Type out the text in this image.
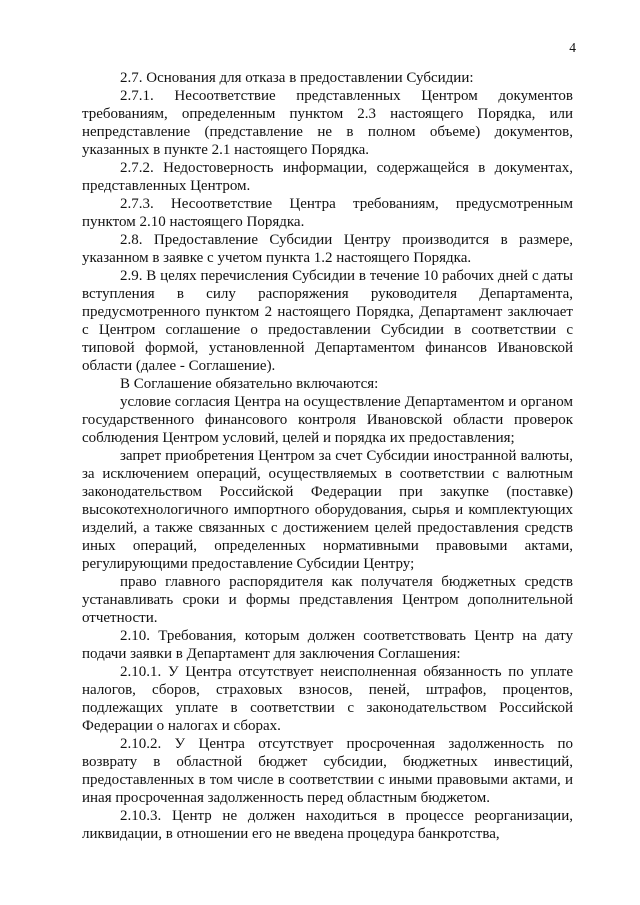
4

2.7. Основания для отказа в предоставлении Субсидии:

2.7.1. Несоответствие представленных Центром документов требованиям, определенным пунктом 2.3 настоящего Порядка, или непредставление (представление не в полном объеме) документов, указанных в пункте 2.1 настоящего Порядка.

2.7.2. Недостоверность информации, содержащейся в документах, представленных Центром.

2.7.3. Несоответствие Центра требованиям, предусмотренным пунктом 2.10 настоящего Порядка.

2.8. Предоставление Субсидии Центру производится в размере, указанном в заявке с учетом пункта 1.2 настоящего Порядка.

2.9. В целях перечисления Субсидии в течение 10 рабочих дней с даты вступления в силу распоряжения руководителя Департамента, предусмотренного пунктом 2 настоящего Порядка, Департамент заключает с Центром соглашение о предоставлении Субсидии в соответствии с типовой формой, установленной Департаментом финансов Ивановской области (далее - Соглашение).

В Соглашение обязательно включаются:

условие согласия Центра на осуществление Департаментом и органом государственного финансового контроля Ивановской области проверок соблюдения Центром условий, целей и порядка их предоставления;

запрет приобретения Центром за счет Субсидии иностранной валюты, за исключением операций, осуществляемых в соответствии с валютным законодательством Российской Федерации при закупке (поставке) высокотехнологичного импортного оборудования, сырья и комплектующих изделий, а также связанных с достижением целей предоставления средств иных операций, определенных нормативными правовыми актами, регулирующими предоставление Субсидии Центру;

право главного распорядителя как получателя бюджетных средств устанавливать сроки и формы представления Центром дополнительной отчетности.

2.10. Требования, которым должен соответствовать Центр на дату подачи заявки в Департамент для заключения Соглашения:

2.10.1. У Центра отсутствует неисполненная обязанность по уплате налогов, сборов, страховых взносов, пеней, штрафов, процентов, подлежащих уплате в соответствии с законодательством Российской Федерации о налогах и сборах.

2.10.2. У Центра отсутствует просроченная задолженность по возврату в областной бюджет субсидии, бюджетных инвестиций, предоставленных в том числе в соответствии с иными правовыми актами, и иная просроченная задолженность перед областным бюджетом.

2.10.3. Центр не должен находиться в процессе реорганизации, ликвидации, в отношении его не введена процедура банкротства,
